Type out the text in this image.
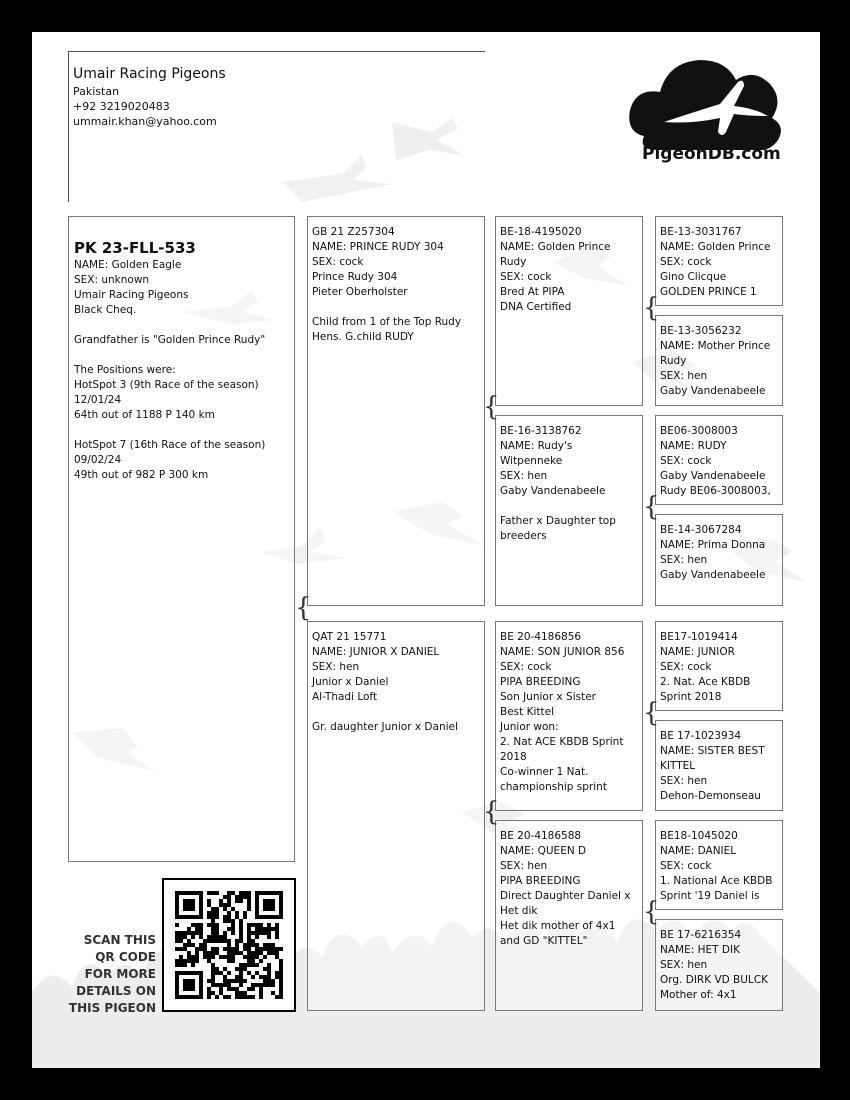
Umair Racing Pigeons
Pakistan
+92 3219020483
ummair.khan@yahoo.com
PigeonDB.com

PK 23-FLL-533
NAME: Golden Eagle
SEX: unknown
Umair Racing Pigeons
Black Cheq.

Grandfather is "Golden Prince Rudy"

The Positions were:
HotSpot 3 (9th Race of the season)
12/01/24
64th out of 1188 P 140 km

HotSpot 7 (16th Race of the season)
09/02/24
49th out of 982 P 300 km

GB 21 Z257304
NAME: PRINCE RUDY 304
SEX: cock
Prince Rudy 304
Pieter Oberholster

Child from 1 of the Top Rudy
Hens. G.child RUDY
QAT 21 15771
NAME: JUNIOR X DANIEL
SEX: hen
Junior x Daniel
Al-Thadi Loft

Gr. daughter Junior x Daniel
BE-18-4195020
NAME: Golden Prince
Rudy
SEX: cock
Bred At PIPA
DNA Certified
BE-16-3138762
NAME: Rudy's
Witpenneke
SEX: hen
Gaby Vandenabeele

Father x Daughter top
breeders
BE 20-4186856
NAME: SON JUNIOR 856
SEX: cock
PIPA BREEDING
Son Junior x Sister
Best Kittel
Junior won:
2. Nat ACE KBDB Sprint
2018
Co-winner 1 Nat.
championship sprint
BE 20-4186588
NAME: QUEEN D
SEX: hen
PIPA BREEDING
Direct Daughter Daniel x
Het dik
Het dik mother of 4x1
and GD "KITTEL"
BE-13-3031767
NAME: Golden Prince
SEX: cock
Gino Clicque
GOLDEN PRINCE 1
BE-13-3056232
NAME: Mother Prince
Rudy
SEX: hen
Gaby Vandenabeele
BE06-3008003
NAME: RUDY
SEX: cock
Gaby Vandenabeele
Rudy BE06-3008003,
BE-14-3067284
NAME: Prima Donna
SEX: hen
Gaby Vandenabeele
BE17-1019414
NAME: JUNIOR
SEX: cock
2. Nat. Ace KBDB
Sprint 2018
BE 17-1023934
NAME: SISTER BEST
KITTEL
SEX: hen
Dehon-Demonseau
BE18-1045020
NAME: DANIEL
SEX: cock
1. National Ace KBDB
Sprint '19 Daniel is
BE 17-6216354
NAME: HET DIK
SEX: hen
Org. DIRK VD BULCK
Mother of: 4x1
{
{
{
{
{
{
{
SCAN THIS
QR CODE
FOR MORE
DETAILS ON
THIS PIGEON
